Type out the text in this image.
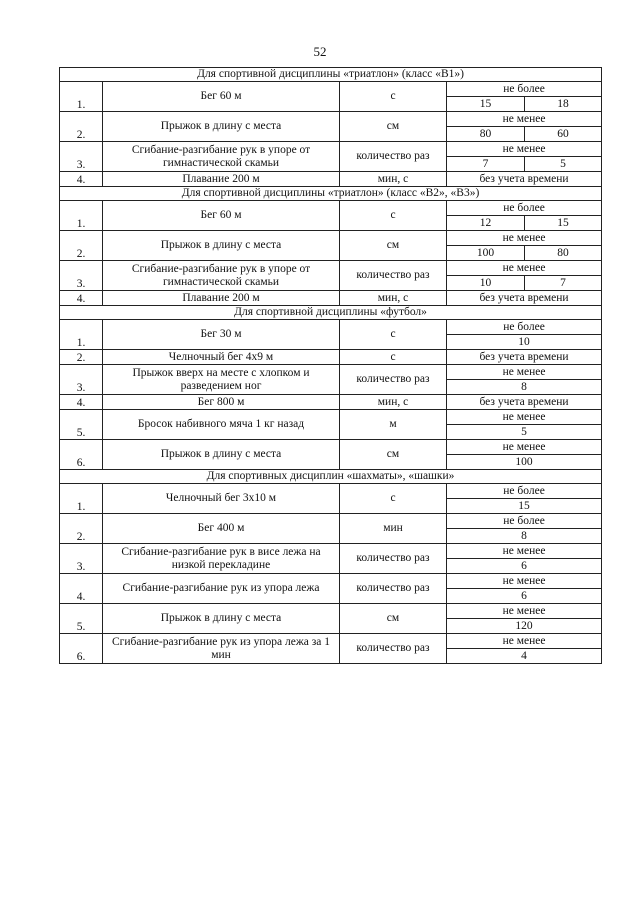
52
Для спортивной дисциплины «триатлон» (класс «В1»)				
1.	Бег 60 м	с	не более	
			15	18
2.	Прыжок в длину с места	см	не менее	
			80	60
3.	Сгибание-разгибание рук в упоре от гимнастической скамьи	количество раз	не менее	
			7	5
4.	Плавание 200 м	мин, с	без учета времени	
Для спортивной дисциплины «триатлон» (класс «В2», «В3»)				
1.	Бег 60 м	с	не более	
			12	15
2.	Прыжок в длину с места	см	не менее	
			100	80
3.	Сгибание-разгибание рук в упоре от гимнастической скамьи	количество раз	не менее	
			10	7
4.	Плавание 200 м	мин, с	без учета времени	
Для спортивной дисциплины «футбол»				
1.	Бег 30 м	с	не более	
			10	
2.	Челночный бег 4х9 м	с	без учета времени	
3.	Прыжок вверх на месте с хлопком и разведением ног	количество раз	не менее	
			8	
4.	Бег 800 м	мин, с	без учета времени	
5.	Бросок набивного мяча 1 кг назад	м	не менее	
			5	
6.	Прыжок в длину с места	см	не менее	
			100	
Для спортивных дисциплин «шахматы», «шашки»				
1.	Челночный бег 3х10 м	с	не более	
			15	
2.	Бег 400 м	мин	не более	
			8	
3.	Сгибание-разгибание рук в висе лежа на низкой перекладине	количество раз	не менее	
			6	
4.	Сгибание-разгибание рук из упора лежа	количество раз	не менее	
			6	
5.	Прыжок в длину с места	см	не менее	
			120	
6.	Сгибание-разгибание рук из упора лежа за 1 мин	количество раз	не менее	
			4	
